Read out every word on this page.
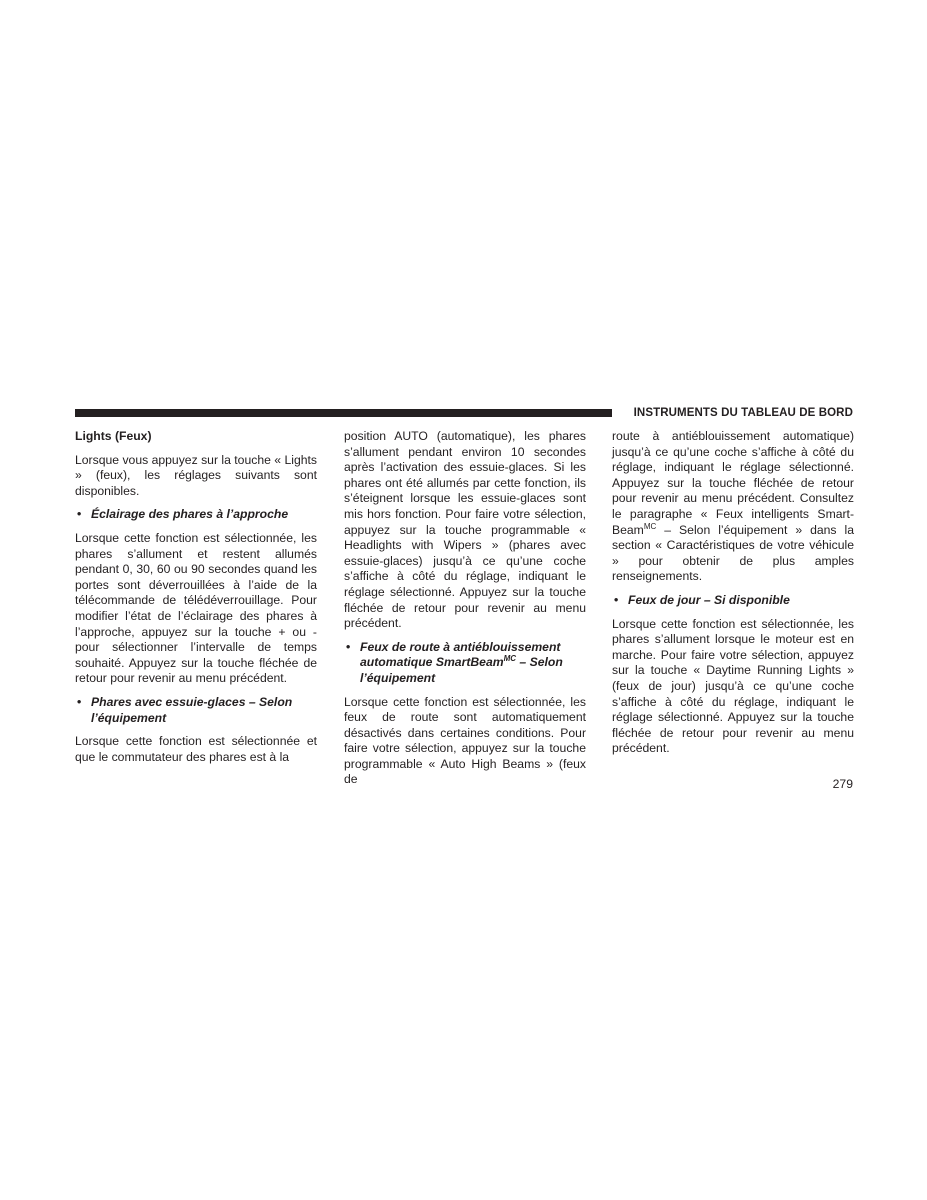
INSTRUMENTS DU TABLEAU DE BORD
Lights (Feux)

Lorsque vous appuyez sur la touche « Lights » (feux), les réglages suivants sont disponibles.

• Éclairage des phares à l’approche

Lorsque cette fonction est sélectionnée, les phares s’allument et restent allumés pendant 0, 30, 60 ou 90 secondes quand les portes sont déverrouillées à l’aide de la télécommande de télédéverrouillage. Pour modifier l’état de l’éclairage des phares à l’approche, appuyez sur la touche + ou - pour sélectionner l’intervalle de temps souhaité. Appuyez sur la touche fléchée de retour pour revenir au menu précédent.

• Phares avec essuie-glaces – Selon l’équipement

Lorsque cette fonction est sélectionnée et que le commutateur des phares est à la

position AUTO (automatique), les phares s’allument pendant environ 10 secondes après l’activation des essuie-glaces. Si les phares ont été allumés par cette fonction, ils s’éteignent lorsque les essuie-glaces sont mis hors fonction. Pour faire votre sélection, appuyez sur la touche programmable « Headlights with Wipers » (phares avec essuie-glaces) jusqu’à ce qu’une coche s’affiche à côté du réglage, indiquant le réglage sélectionné. Appuyez sur la touche fléchée de retour pour revenir au menu précédent.

• Feux de route à antiéblouissement automatique SmartBeam$^{MC}$ – Selon l’équipement

Lorsque cette fonction est sélectionnée, les feux de route sont automatiquement désactivés dans certaines conditions. Pour faire votre sélection, appuyez sur la touche programmable « Auto High Beams » (feux de

route à antiéblouissement automatique) jusqu’à ce qu’une coche s’affiche à côté du réglage, indiquant le réglage sélectionné. Appuyez sur la touche fléchée de retour pour revenir au menu précédent. Consultez le paragraphe « Feux intelligents Smart-Beam$^{MC}$ – Selon l’équipement » dans la section « Caractéristiques de votre véhicule » pour obtenir de plus amples renseignements.

• Feux de jour – Si disponible

Lorsque cette fonction est sélectionnée, les phares s’allument lorsque le moteur est en marche. Pour faire votre sélection, appuyez sur la touche « Daytime Running Lights » (feux de jour) jusqu’à ce qu’une coche s’affiche à côté du réglage, indiquant le réglage sélectionné. Appuyez sur la touche fléchée de retour pour revenir au menu précédent.

279
